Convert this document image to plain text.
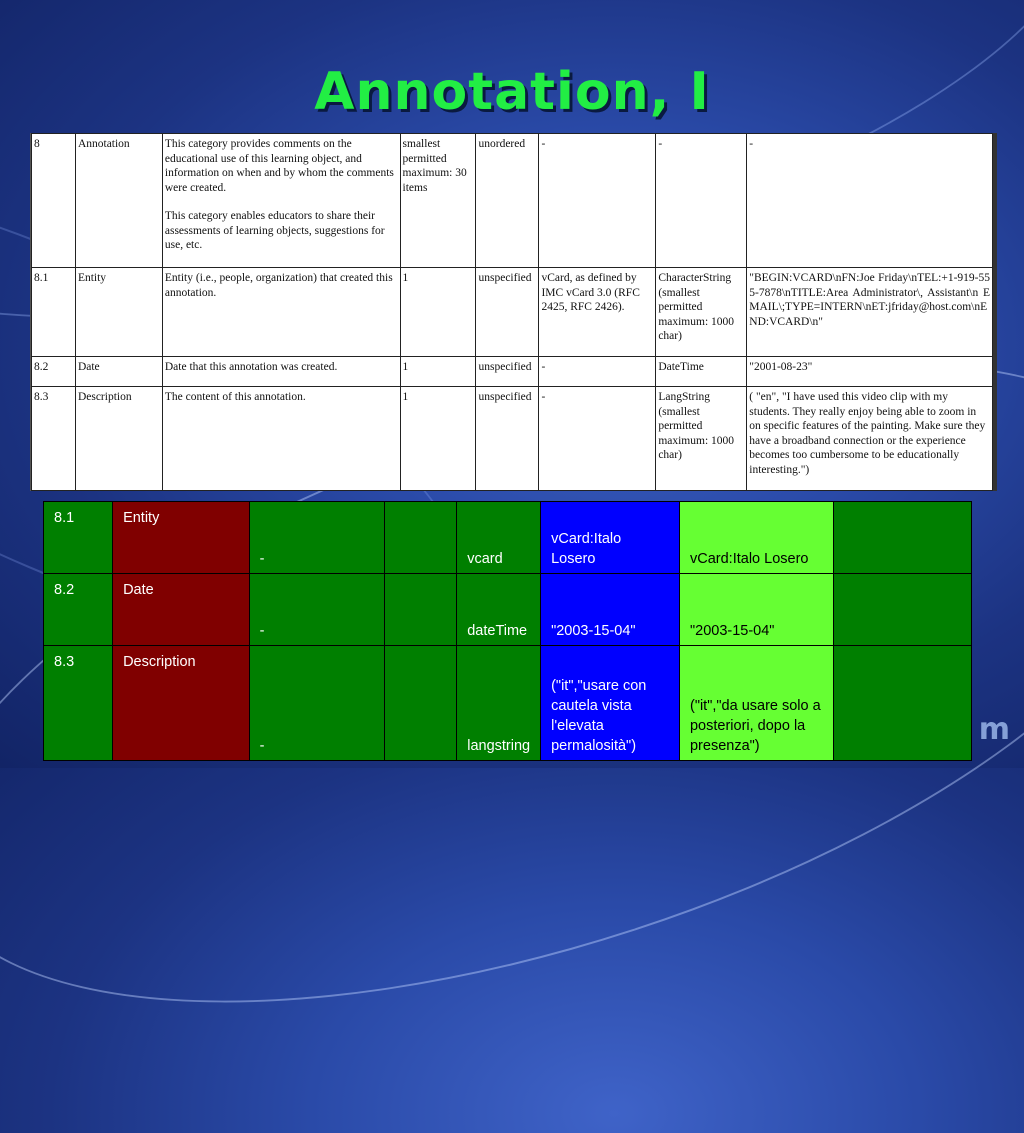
Annotation, I
8	Annotation	This category provides comments on the educational use of this learning object, and information on when and by whom the comments were created.

This category enables educators to share their assessments of learning objects, suggestions for use, etc.	smallest permitted maximum: 30 items	unordered	-	-	-
8.1	Entity	Entity (i.e., people, organization) that created this annotation.	1	unspecified	vCard, as defined by IMC vCard 3.0 (RFC 2425, RFC 2426).	CharacterString (smallest permitted maximum: 1000 char)	"BEGIN:VCARD\nFN:Joe Friday\nTEL:+1-919-555-7878\nTITLE:Area Administrator\, Assistant\n EMAIL\;TYPE=INTERN\nET:jfriday@host.com\nEND:VCARD\n"
8.2	Date	Date that this annotation was created.	1	unspecified	-	DateTime	"2001-08-23"
8.3	Description	The content of this annotation.	1	unspecified	-	LangString (smallest permitted maximum: 1000 char)	( "en", "I have used this video clip with my students. They really enjoy being able to zoom in on specific features of the painting. Make sure they have a broadband connection or the experience becomes too cumbersome to be educationally interesting.")
8.1	Entity	-		vcard	vCard:Italo Losero	vCard:Italo Losero	
8.2	Date	-		dateTime	"2003-15-04"	"2003-15-04"	
8.3	Description	-		langstring	("it","usare con cautela vista l'elevata permalosità")	("it","da usare solo a posteriori, dopo la presenza")		m
